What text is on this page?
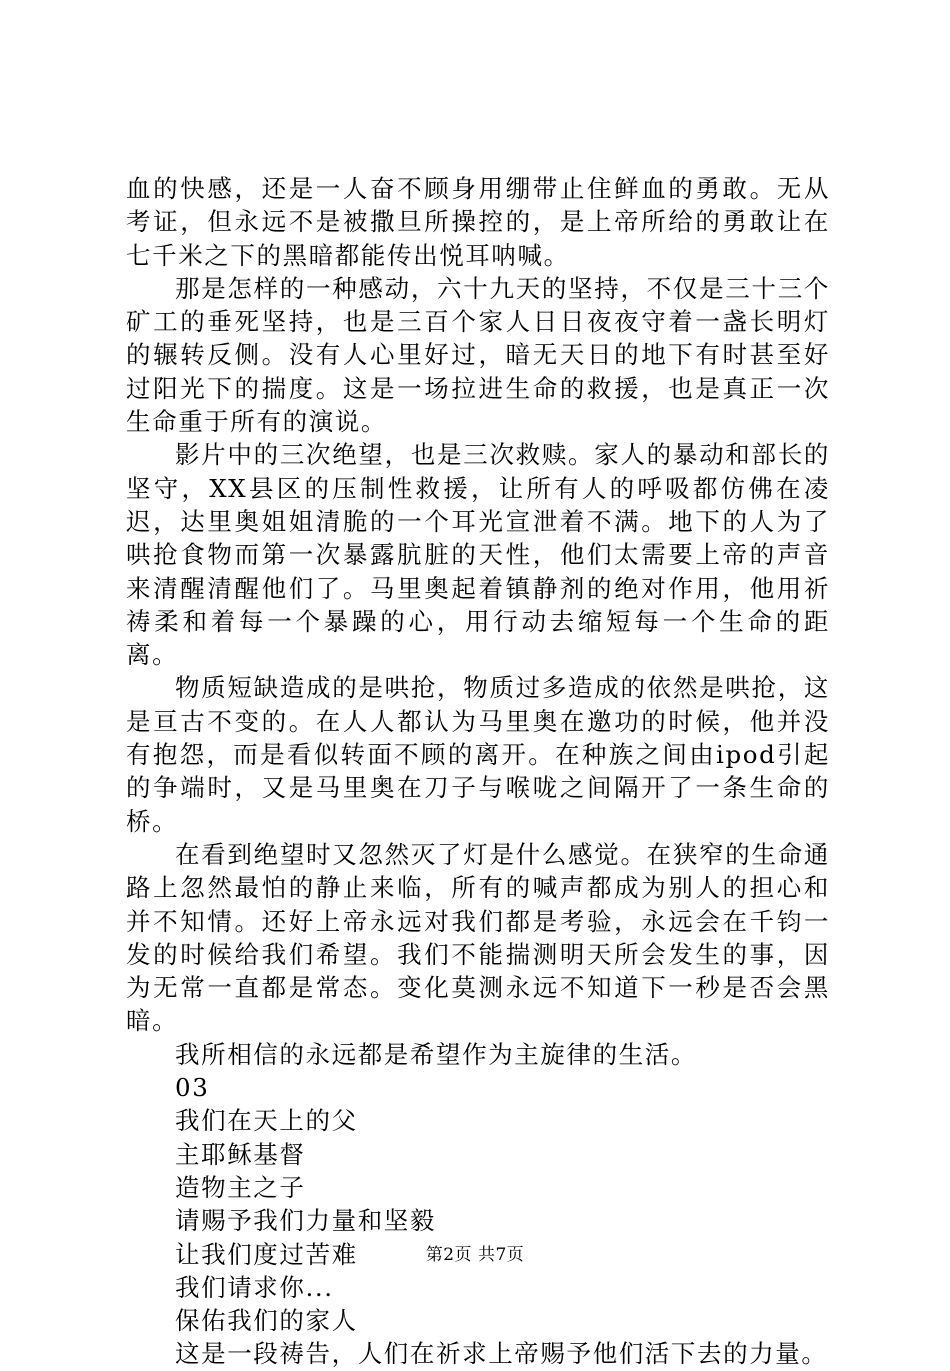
血的快感，还是一人奋不顾身用绷带止住鲜血的勇敢。无从考证，但永远不是被撒旦所操控的，是上帝所给的勇敢让在七千米之下的黑暗都能传出悦耳呐喊。

那是怎样的一种感动，六十九天的坚持，不仅是三十三个矿工的垂死坚持，也是三百个家人日日夜夜守着一盏长明灯的辗转反侧。没有人心里好过，暗无天日的地下有时甚至好过阳光下的揣度。这是一场拉进生命的救援，也是真正一次生命重于所有的演说。

影片中的三次绝望，也是三次救赎。家人的暴动和部长的坚守，XX县区的压制性救援，让所有人的呼吸都仿佛在凌迟，达里奥姐姐清脆的一个耳光宣泄着不满。地下的人为了哄抢食物而第一次暴露肮脏的天性，他们太需要上帝的声音来清醒清醒他们了。马里奥起着镇静剂的绝对作用，他用祈祷柔和着每一个暴躁的心，用行动去缩短每一个生命的距离。

物质短缺造成的是哄抢，物质过多造成的依然是哄抢，这是亘古不变的。在人人都认为马里奥在邀功的时候，他并没有抱怨，而是看似转面不顾的离开。在种族之间由ipod引起的争端时，又是马里奥在刀子与喉咙之间隔开了一条生命的桥。

在看到绝望时又忽然灭了灯是什么感觉。在狭窄的生命通路上忽然最怕的静止来临，所有的喊声都成为别人的担心和并不知情。还好上帝永远对我们都是考验，永远会在千钧一发的时候给我们希望。我们不能揣测明天所会发生的事，因为无常一直都是常态。变化莫测永远不知道下一秒是否会黑暗。

我所相信的永远都是希望作为主旋律的生活。

03

我们在天上的父

主耶稣基督

造物主之子

请赐予我们力量和坚毅

让我们度过苦难

我们请求你...

保佑我们的家人

这是一段祷告，人们在祈求上帝赐予他们活下去的力量。

第2页 共7页
